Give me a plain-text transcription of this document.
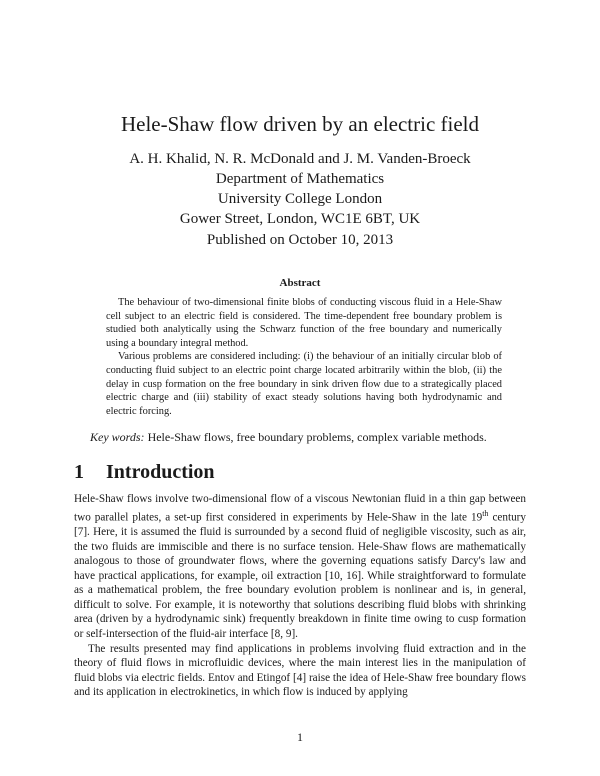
Hele-Shaw flow driven by an electric field
A. H. Khalid, N. R. McDonald and J. M. Vanden-Broeck
Department of Mathematics
University College London
Gower Street, London, WC1E 6BT, UK
Published on October 10, 2013
Abstract

The behaviour of two-dimensional finite blobs of conducting viscous fluid in a Hele-Shaw cell subject to an electric field is considered. The time-dependent free boundary problem is studied both analytically using the Schwarz function of the free boundary and numerically using a boundary integral method.

Various problems are considered including: (i) the behaviour of an initially circular blob of conducting fluid subject to an electric point charge located arbitrarily within the blob, (ii) the delay in cusp formation on the free boundary in sink driven flow due to a strategically placed electric charge and (iii) stability of exact steady solutions having both hydrodynamic and electric forcing.

Key words: Hele-Shaw flows, free boundary problems, complex variable methods.
1 Introduction

Hele-Shaw flows involve two-dimensional flow of a viscous Newtonian fluid in a thin gap between two parallel plates, a set-up first considered in experiments by Hele-Shaw in the late 19th century [7]. Here, it is assumed the fluid is surrounded by a second fluid of negligible viscosity, such as air, the two fluids are immiscible and there is no surface tension. Hele-Shaw flows are mathematically analogous to those of groundwater flows, where the governing equations satisfy Darcy's law and have practical applications, for example, oil extraction [10, 16]. While straightforward to formulate as a mathematical problem, the free boundary evolution problem is nonlinear and is, in general, difficult to solve. For example, it is noteworthy that solutions describing fluid blobs with shrinking area (driven by a hydrodynamic sink) frequently breakdown in finite time owing to cusp formation or self-intersection of the fluid-air interface [8, 9].

The results presented may find applications in problems involving fluid extraction and in the theory of fluid flows in microfluidic devices, where the main interest lies in the manipulation of fluid blobs via electric fields. Entov and Etingof [4] raise the idea of Hele-Shaw free boundary flows and its application in electrokinetics, in which flow is induced by applying

1
